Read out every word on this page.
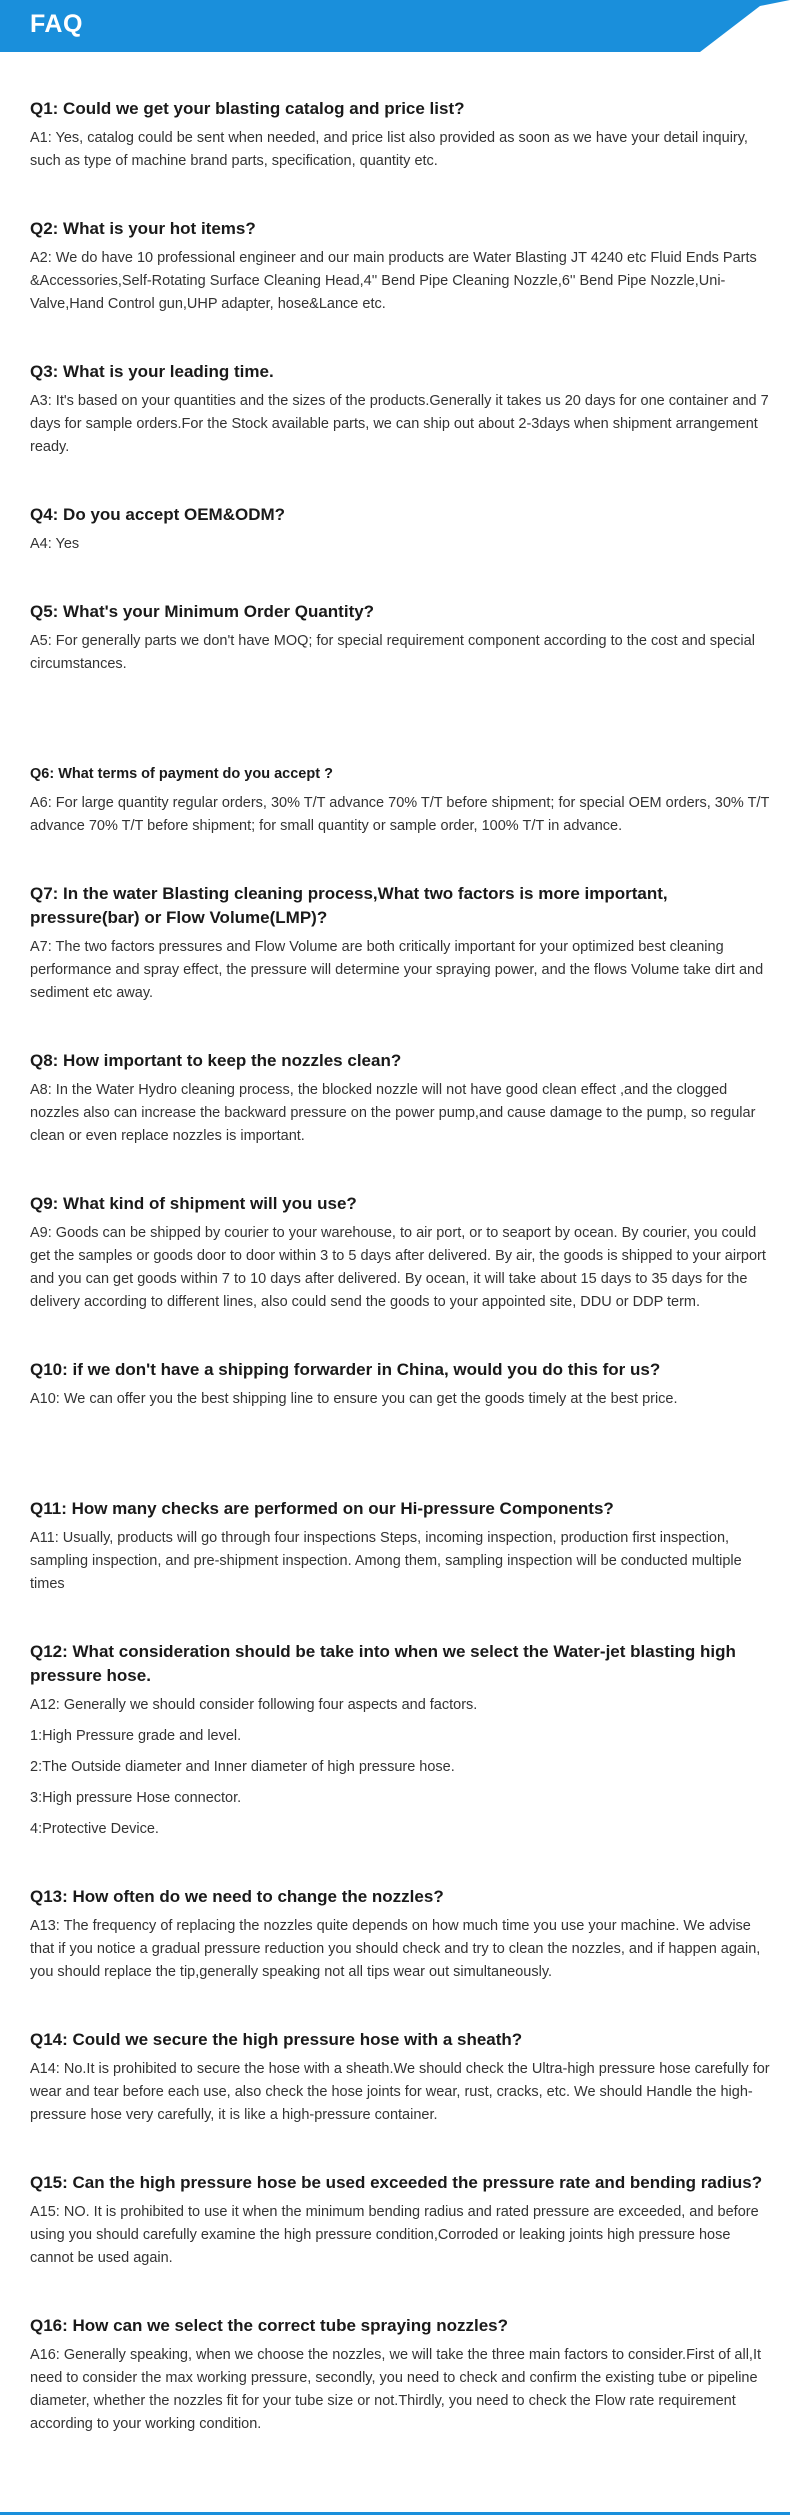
FAQ
Q1: Could we get your blasting catalog and price list?
A1: Yes, catalog could be sent when needed, and price list also provided as soon as we have your detail inquiry, such as type of machine brand parts, specification, quantity etc.
Q2: What is your hot items?
A2: We do have 10 professional engineer and our main products are Water Blasting JT 4240 etc Fluid Ends Parts &Accessories,Self-Rotating Surface Cleaning Head,4'' Bend Pipe Cleaning Nozzle,6'' Bend Pipe Nozzle,Uni-Valve,Hand Control gun,UHP adapter, hose&Lance etc.
Q3: What is your leading time.
A3: It's based on your quantities and the sizes of the products.Generally it takes us 20 days for one container and 7 days for sample orders.For the Stock available parts, we can ship out about 2-3days when shipment arrangement ready.
Q4: Do you accept OEM&ODM?
A4: Yes
Q5: What's your Minimum Order Quantity?
A5: For generally parts we don't have MOQ; for special requirement component according to the cost and special circumstances.
Q6: What terms of payment do you accept ?
A6: For large quantity regular orders, 30% T/T advance 70% T/T before shipment; for special OEM orders, 30% T/T advance 70% T/T before shipment; for small quantity or sample order, 100% T/T in advance.
Q7: In the water Blasting cleaning process,What two factors is more important, pressure(bar) or Flow Volume(LMP)?
A7: The two factors pressures and Flow Volume are both critically important for your optimized best cleaning performance and spray effect, the pressure will determine your spraying power, and the flows Volume take dirt and sediment etc away.
Q8: How important to keep the nozzles clean?
A8: In the Water Hydro cleaning process, the blocked nozzle will not have good clean effect ,and the clogged nozzles also can increase the backward pressure on the power pump,and cause damage to the pump, so regular clean or even replace nozzles is important.
Q9: What kind of shipment will you use?
A9: Goods can be shipped by courier to your warehouse, to air port, or to seaport by ocean. By courier, you could get the samples or goods door to door within 3 to 5 days after delivered. By air, the goods is shipped to your airport and you can get goods within 7 to 10 days after delivered. By ocean, it will take about 15 days to 35 days for the delivery according to different lines, also could send the goods to your appointed site, DDU or DDP term.
Q10: if we don't have a shipping forwarder in China, would you do this for us?
A10: We can offer you the best shipping line to ensure you can get the goods timely at the best price.
Q11: How many checks are performed on our Hi-pressure Components?
A11: Usually, products will go through four inspections Steps, incoming inspection, production first inspection, sampling inspection, and pre-shipment inspection. Among them, sampling inspection will be conducted multiple times
Q12: What consideration should be take into when we select the Water-jet blasting high pressure hose.
A12: Generally we should consider following four aspects and factors.
1:High Pressure grade and level.
2:The Outside diameter and Inner diameter of high pressure hose.
3:High pressure Hose connector.
4:Protective Device.
Q13: How often do we need to change the nozzles?
A13: The frequency of replacing the nozzles quite depends on how much time you use your machine. We advise that if you notice a gradual pressure reduction you should check and try to clean the nozzles, and if happen again, you should replace the tip,generally speaking not all tips wear out simultaneously.
Q14: Could we secure the high pressure hose with a sheath?
A14: No.It is prohibited to secure the hose with a sheath.We should check the Ultra-high pressure hose carefully for wear and tear before each use, also check the hose joints for wear, rust, cracks, etc. We should Handle the high-pressure hose very carefully, it is like a high-pressure container.
Q15: Can the high pressure hose be used exceeded the pressure rate and bending radius?
A15: NO. It is prohibited to use it when the minimum bending radius and rated pressure are exceeded, and before using you should carefully examine the high pressure condition,Corroded or leaking joints high pressure hose cannot be used again.
Q16: How can we select the correct tube spraying nozzles?
A16: Generally speaking, when we choose the nozzles, we will take the three main factors to consider.First of all,It need to consider the max working pressure, secondly, you need to check and confirm the existing tube or pipeline diameter, whether the nozzles fit for your tube size or not.Thirdly, you need to check the Flow rate requirement according to your working condition.
